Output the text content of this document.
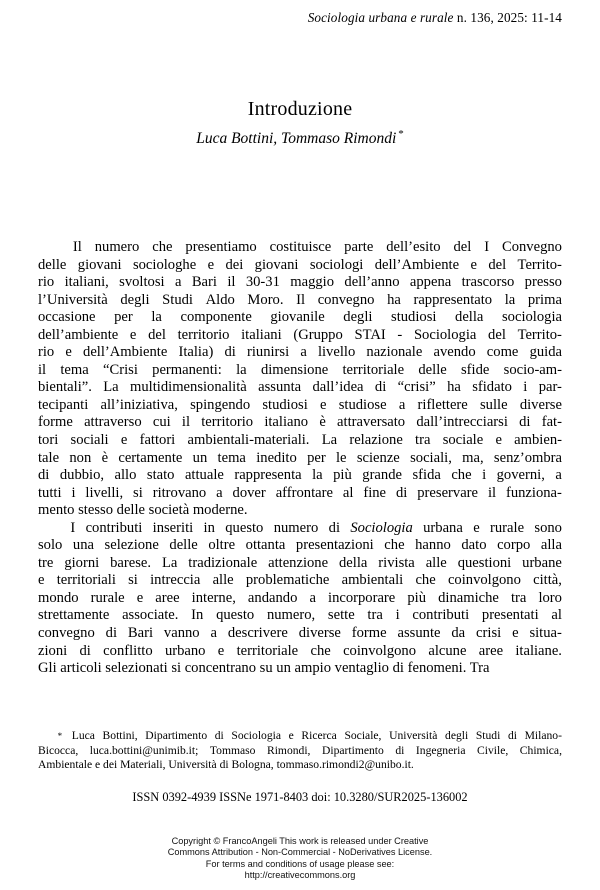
Sociologia urbana e rurale n. 136, 2025: 11-14
Introduzione
Luca Bottini, Tommaso Rimondi *

Il numero che presentiamo costituisce parte dell’esito del I Convegno
delle giovani sociologhe e dei giovani sociologi dell’Ambiente e del Territo-
rio italiani, svoltosi a Bari il 30-31 maggio dell’anno appena trascorso presso
l’Università degli Studi Aldo Moro. Il convegno ha rappresentato la prima
occasione per la componente giovanile degli studiosi della sociologia
dell’ambiente e del territorio italiani (Gruppo STAI - Sociologia del Territo-
rio e dell’Ambiente Italia) di riunirsi a livello nazionale avendo come guida
il tema “Crisi permanenti: la dimensione territoriale delle sfide socio-am-
bientali”. La multidimensionalità assunta dall’idea di “crisi” ha sfidato i par-
tecipanti all’iniziativa, spingendo studiosi e studiose a riflettere sulle diverse
forme attraverso cui il territorio italiano è attraversato dall’intrecciarsi di fat-
tori sociali e fattori ambientali-materiali. La relazione tra sociale e ambien-
tale non è certamente un tema inedito per le scienze sociali, ma, senz’ombra
di dubbio, allo stato attuale rappresenta la più grande sfida che i governi, a
tutti i livelli, si ritrovano a dover affrontare al fine di preservare il funziona-
mento stesso delle società moderne.

I contributi inseriti in questo numero di Sociologia urbana e rurale sono
solo una selezione delle oltre ottanta presentazioni che hanno dato corpo alla
tre giorni barese. La tradizionale attenzione della rivista alle questioni urbane
e territoriali si intreccia alle problematiche ambientali che coinvolgono città,
mondo rurale e aree interne, andando a incorporare più dinamiche tra loro
strettamente associate. In questo numero, sette tra i contributi presentati al
convegno di Bari vanno a descrivere diverse forme assunte da crisi e situa-
zioni di conflitto urbano e territoriale che coinvolgono alcune aree italiane.
Gli articoli selezionati si concentrano su un ampio ventaglio di fenomeni. Tra

* Luca Bottini, Dipartimento di Sociologia e Ricerca Sociale, Università degli Studi di Milano-
Bicocca, luca.bottini@unimib.it; Tommaso Rimondi, Dipartimento di Ingegneria Civile, Chimica,
Ambientale e dei Materiali, Università di Bologna, tommaso.rimondi2@unibo.it.
ISSN 0392-4939 ISSNe 1971-8403 doi: 10.3280/SUR2025-136002
Copyright © FrancoAngeli This work is released under Creative
Commons Attribution - Non-Commercial - NoDerivatives License.
For terms and conditions of usage please see:
http://creativecommons.org
